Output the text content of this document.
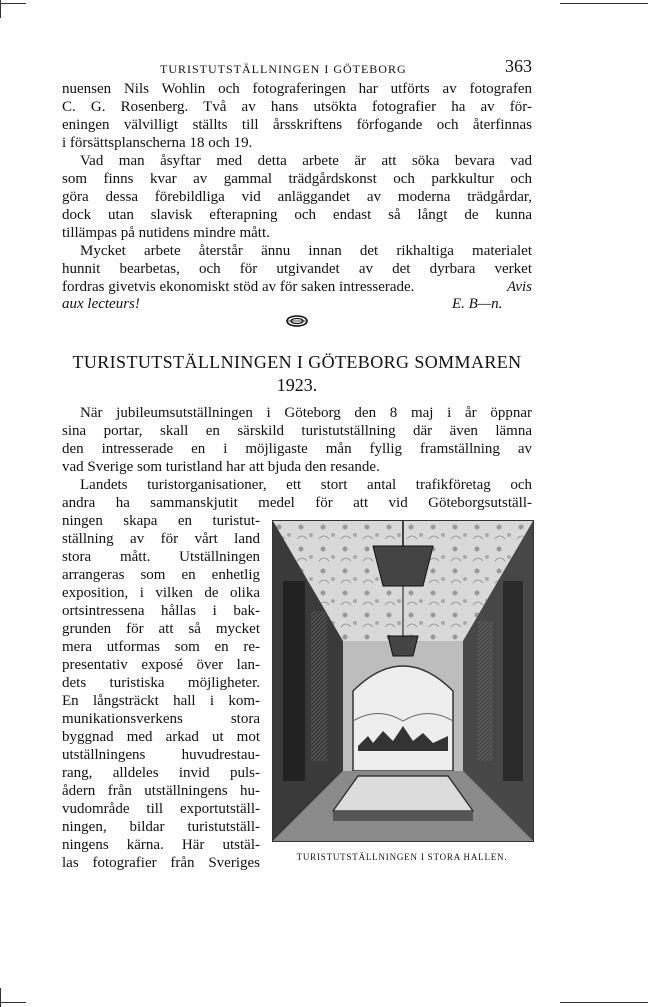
TURISTUTSTÄLLNINGEN I GÖTEBORG	363
nuensen Nils Wohlin och fotograferingen har utförts av fotografen
C. G. Rosenberg. Två av hans utsökta fotografier ha av för-
eningen välvilligt ställts till årsskriftens förfogande och återfinnas
i försättsplanscherna 18 och 19.
Vad man åsyftar med detta arbete är att söka bevara vad
som finns kvar av gammal trädgårdskonst och parkkultur och
göra dessa förebildliga vid anläggandet av moderna trädgårdar,
dock utan slavisk efterapning och endast så långt de kunna
tillämpas på nutidens mindre mått.
Mycket arbete återstår ännu innan det rikhaltiga materialet
hunnit bearbetas, och för utgivandet av det dyrbara verket
fordras givetvis ekonomiskt stöd av för saken intresserade.	Avis
aux lecteurs!	E. B—n.
TURISTUTSTÄLLNINGEN I GÖTEBORG SOMMAREN
1923.
När jubileumsutställningen i Göteborg den 8 maj i år öppnar
sina portar, skall en särskild turistutställning där även lämna
den intresserade en i möjligaste mån fyllig framställning av
vad Sverige som turistland har att bjuda den resande.
Landets turistorganisationer, ett stort antal trafikföretag och
andra ha sammanskjutit medel för att vid Göteborgsutställ-
ningen skapa en turistut-
ställning av för vårt land
stora mått. Utställningen
arrangeras som en enhetlig
exposition, i vilken de olika
ortsintressena hållas i bak-
grunden för att så mycket
mera utformas som en re-
presentativ exposé över lan-
dets turistiska möjligheter.
En långsträckt hall i kom-
munikationsverkens stora
byggnad med arkad ut mot
utställningens huvudrestau-
rang, alldeles invid puls-
ådern från utställningens hu-
vudområde till exportutställ-
ningen, bildar turistutställ-
ningens kärna. Här utstäl-
las fotografier från Sveriges	TURISTUTSTÄLLNINGEN I STORA HALLEN.
